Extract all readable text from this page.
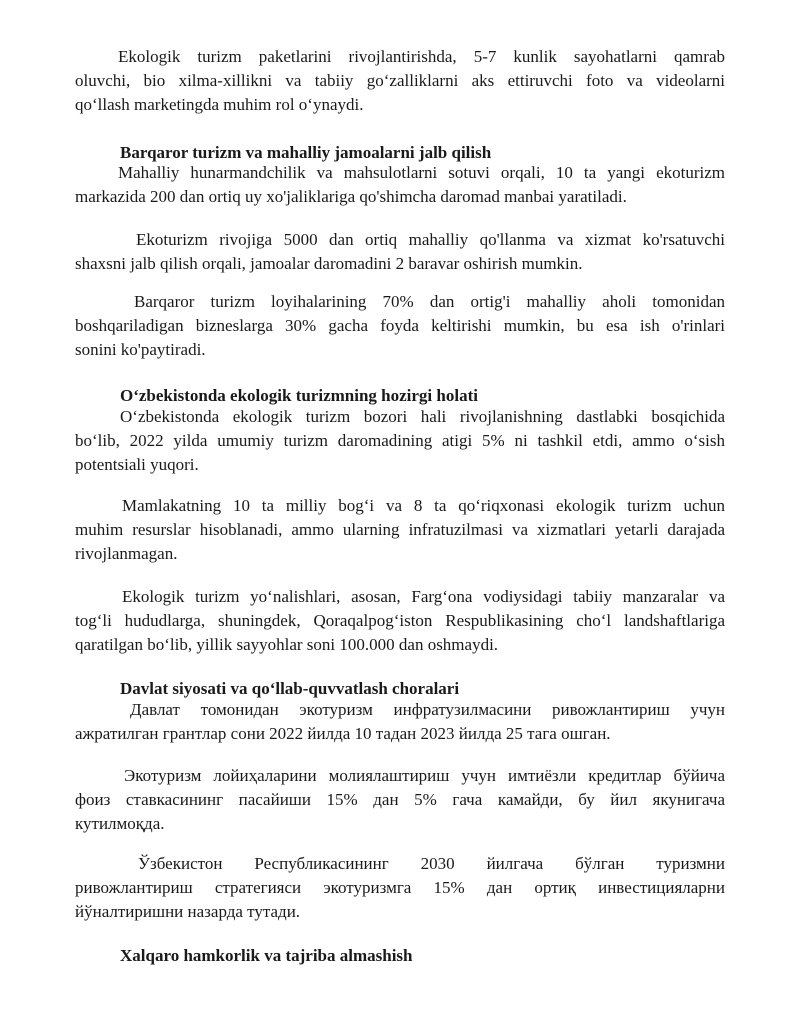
Ekologik turizm paketlarini rivojlantirishda, 5-7 kunlik sayohatlarni qamrab
oluvchi, bio xilma-xillikni va tabiiy go‘zalliklarni aks ettiruvchi foto va videolarni
qo‘llash marketingda muhim rol o‘ynaydi.
Barqaror turizm va mahalliy jamoalarni jalb qilish
Mahalliy hunarmandchilik va mahsulotlarni sotuvi orqali, 10 ta yangi ekoturizm
markazida 200 dan ortiq uy xo'jaliklariga qo'shimcha daromad manbai yaratiladi.
Ekoturizm rivojiga 5000 dan ortiq mahalliy qo'llanma va xizmat ko'rsatuvchi
shaxsni jalb qilish orqali, jamoalar daromadini 2 baravar oshirish mumkin.
Barqaror turizm loyihalarining 70% dan ortig'i mahalliy aholi tomonidan
boshqariladigan bizneslarga 30% gacha foyda keltirishi mumkin, bu esa ish o'rinlari
sonini ko'paytiradi.
O‘zbekistonda ekologik turizmning hozirgi holati
O‘zbekistonda ekologik turizm bozori hali rivojlanishning dastlabki bosqichida
bo‘lib, 2022 yilda umumiy turizm daromadining atigi 5% ni tashkil etdi, ammo o‘sish
potentsiali yuqori.
Mamlakatning 10 ta milliy bog‘i va 8 ta qo‘riqxonasi ekologik turizm uchun
muhim resurslar hisoblanadi, ammo ularning infratuzilmasi va xizmatlari yetarli darajada
rivojlanmagan.
Ekologik turizm yo‘nalishlari, asosan, Farg‘ona vodiysidagi tabiiy manzaralar va
tog‘li hududlarga, shuningdek, Qoraqalpog‘iston Respublikasining cho‘l landshaftlariga
qaratilgan bo‘lib, yillik sayyohlar soni 100.000 dan oshmaydi.
Davlat siyosati va qo‘llab-quvvatlash choralari
Давлат томонидан экотуризм инфратузилмасини ривожлантириш учун
ажратилган грантлар сони 2022 йилда 10 тадан 2023 йилда 25 тага ошган.
Экотуризм лойиҳаларини молиялаштириш учун имтиёзли кредитлар бўйича
фоиз ставкасининг пасайиши 15% дан 5% гача камайди, бу йил якунигача
кутилмоқда.
Ўзбекистон Республикасининг 2030 йилгача бўлган туризмни
ривожлантириш стратегияси экотуризмга 15% дан ортиқ инвестицияларни
йўналтиришни назарда тутади.
Xalqaro hamkorlik va tajriba almashish
